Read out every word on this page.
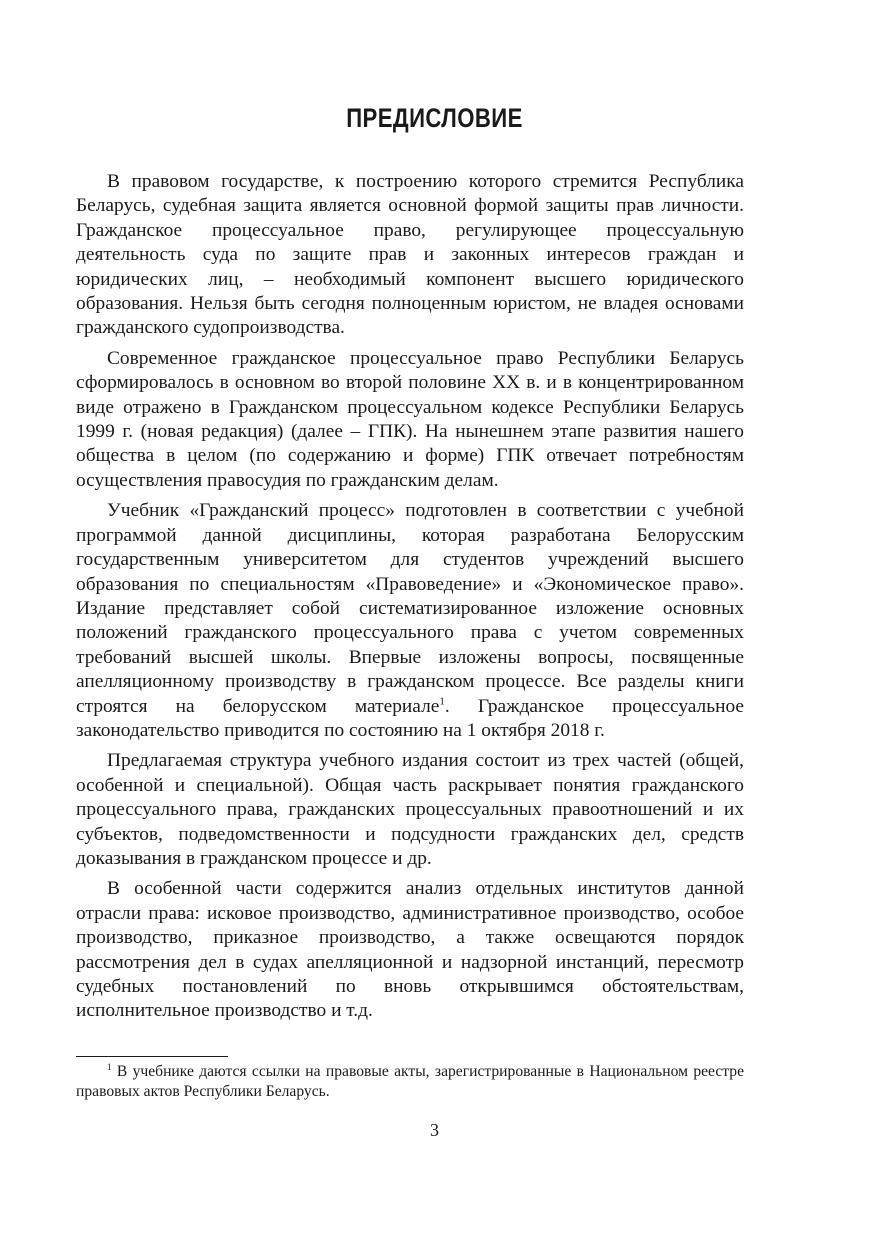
ПРЕДИСЛОВИЕ

В правовом государстве, к построению которого стремится Республика Беларусь, судебная защита является основной формой защиты прав личности. Гражданское процессуальное право, регулирующее процессуальную деятельность суда по защите прав и законных интересов граждан и юридических лиц, – необходимый компонент высшего юридического образования. Нельзя быть сегодня полноценным юристом, не владея основами гражданского судопроизводства.

Современное гражданское процессуальное право Республики Беларусь сформировалось в основном во второй половине XX в. и в концентрированном виде отражено в Гражданском процессуальном кодексе Республики Беларусь 1999 г. (новая редакция) (далее – ГПК). На нынешнем этапе развития нашего общества в целом (по содержанию и форме) ГПК отвечает потребностям осуществления правосудия по гражданским делам.

Учебник «Гражданский процесс» подготовлен в соответствии с учебной программой данной дисциплины, которая разработана Белорусским государственным университетом для студентов учреждений высшего образования по специальностям «Правоведение» и «Экономическое право». Издание представляет собой систематизированное изложение основных положений гражданского процессуального права с учетом современных требований высшей школы. Впервые изложены вопросы, посвященные апелляционному производству в гражданском процессе. Все разделы книги строятся на белорусском материале$^1$. Гражданское процессуальное законодательство приводится по состоянию на 1 октября 2018 г.

Предлагаемая структура учебного издания состоит из трех частей (общей, особенной и специальной). Общая часть раскрывает понятия гражданского процессуального права, гражданских процессуальных правоотношений и их субъектов, подведомственности и подсудности гражданских дел, средств доказывания в гражданском процессе и др.

В особенной части содержится анализ отдельных институтов данной отрасли права: исковое производство, административное производство, особое производство, приказное производство, а также освещаются порядок рассмотрения дел в судах апелляционной и надзорной инстанций, пересмотр судебных постановлений по вновь открывшимся обстоятельствам, исполнительное производство и т.д.

$^1$ В учебнике даются ссылки на правовые акты, зарегистрированные в Национальном реестре правовых актов Республики Беларусь.

3
